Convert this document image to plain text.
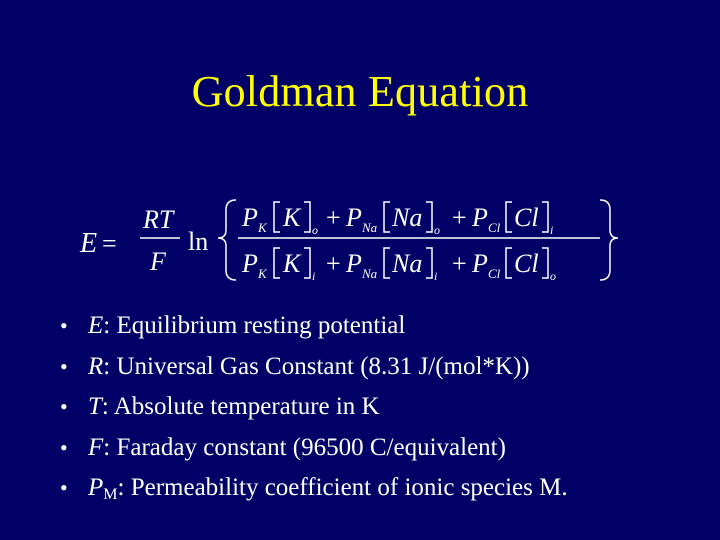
Goldman Equation
E =
RT
F
ln
P K K o + P Na Na o + P Cl Cl i
P K K i + P Na Na i + P Cl Cl o
• E: Equilibrium resting potential
• R: Universal Gas Constant (8.31 J/(mol*K))
• T: Absolute temperature in K
• F: Faraday constant (96500 C/equivalent)
• $P_M$: Permeability coefficient of ionic species M.
